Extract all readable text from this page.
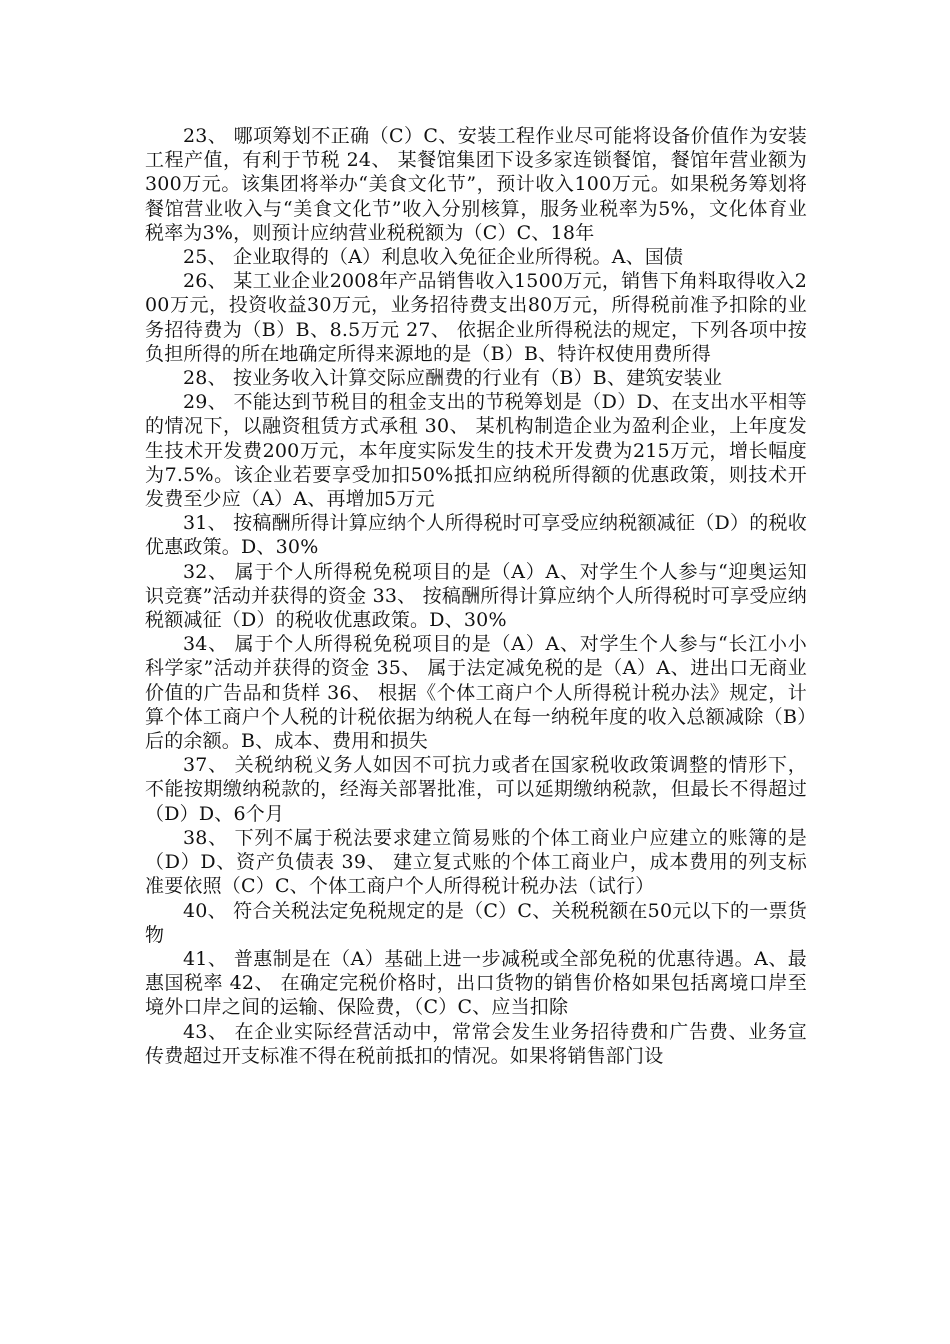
23、 哪项筹划不正确（C）C、安装工程作业尽可能将设备价值作为安装工程产值，有利于节税 24、 某餐馆集团下设多家连锁餐馆，餐馆年营业额为300万元。该集团将举办“美食文化节”，预计收入100万元。如果税务筹划将餐馆营业收入与“美食文化节”收入分别核算，服务业税率为5%，文化体育业税率为3%，则预计应纳营业税税额为（C）C、18年

25、 企业取得的（A）利息收入免征企业所得税。A、国债

26、 某工业企业2008年产品销售收入1500万元，销售下角料取得收入200万元，投资收益30万元，业务招待费支出80万元，所得税前准予扣除的业务招待费为（B）B、8.5万元 27、 依据企业所得税法的规定，下列各项中按负担所得的所在地确定所得来源地的是（B）B、特许权使用费所得

28、 按业务收入计算交际应酬费的行业有（B）B、建筑安装业

29、 不能达到节税目的租金支出的节税筹划是（D）D、在支出水平相等的情况下，以融资租赁方式承租 30、 某机构制造企业为盈利企业，上年度发生技术开发费200万元，本年度实际发生的技术开发费为215万元，增长幅度为7.5%。该企业若要享受加扣50%抵扣应纳税所得额的优惠政策，则技术开发费至少应（A）A、再增加5万元

31、 按稿酬所得计算应纳个人所得税时可享受应纳税额减征（D）的税收优惠政策。D、30%

32、 属于个人所得税免税项目的是（A）A、对学生个人参与“迎奥运知识竞赛”活动并获得的资金 33、 按稿酬所得计算应纳个人所得税时可享受应纳税额减征（D）的税收优惠政策。D、30%

34、 属于个人所得税免税项目的是（A）A、对学生个人参与“长江小小科学家”活动并获得的资金 35、 属于法定减免税的是（A）A、进出口无商业价值的广告品和货样 36、 根据《个体工商户个人所得税计税办法》规定，计算个体工商户个人税的计税依据为纳税人在每一纳税年度的收入总额减除（B）后的余额。B、成本、费用和损失

37、 关税纳税义务人如因不可抗力或者在国家税收政策调整的情形下，不能按期缴纳税款的，经海关部署批准，可以延期缴纳税款，但最长不得超过（D）D、6个月

38、 下列不属于税法要求建立简易账的个体工商业户应建立的账簿的是（D）D、资产负债表 39、 建立复式账的个体工商业户，成本费用的列支标准要依照（C）C、个体工商户个人所得税计税办法（试行）

40、 符合关税法定免税规定的是（C）C、关税税额在50元以下的一票货物

41、 普惠制是在（A）基础上进一步减税或全部免税的优惠待遇。A、最惠国税率 42、 在确定完税价格时，出口货物的销售价格如果包括离境口岸至境外口岸之间的运输、保险费，（C）C、应当扣除

43、 在企业实际经营活动中，常常会发生业务招待费和广告费、业务宣传费超过开支标准不得在税前抵扣的情况。如果将销售部门设
